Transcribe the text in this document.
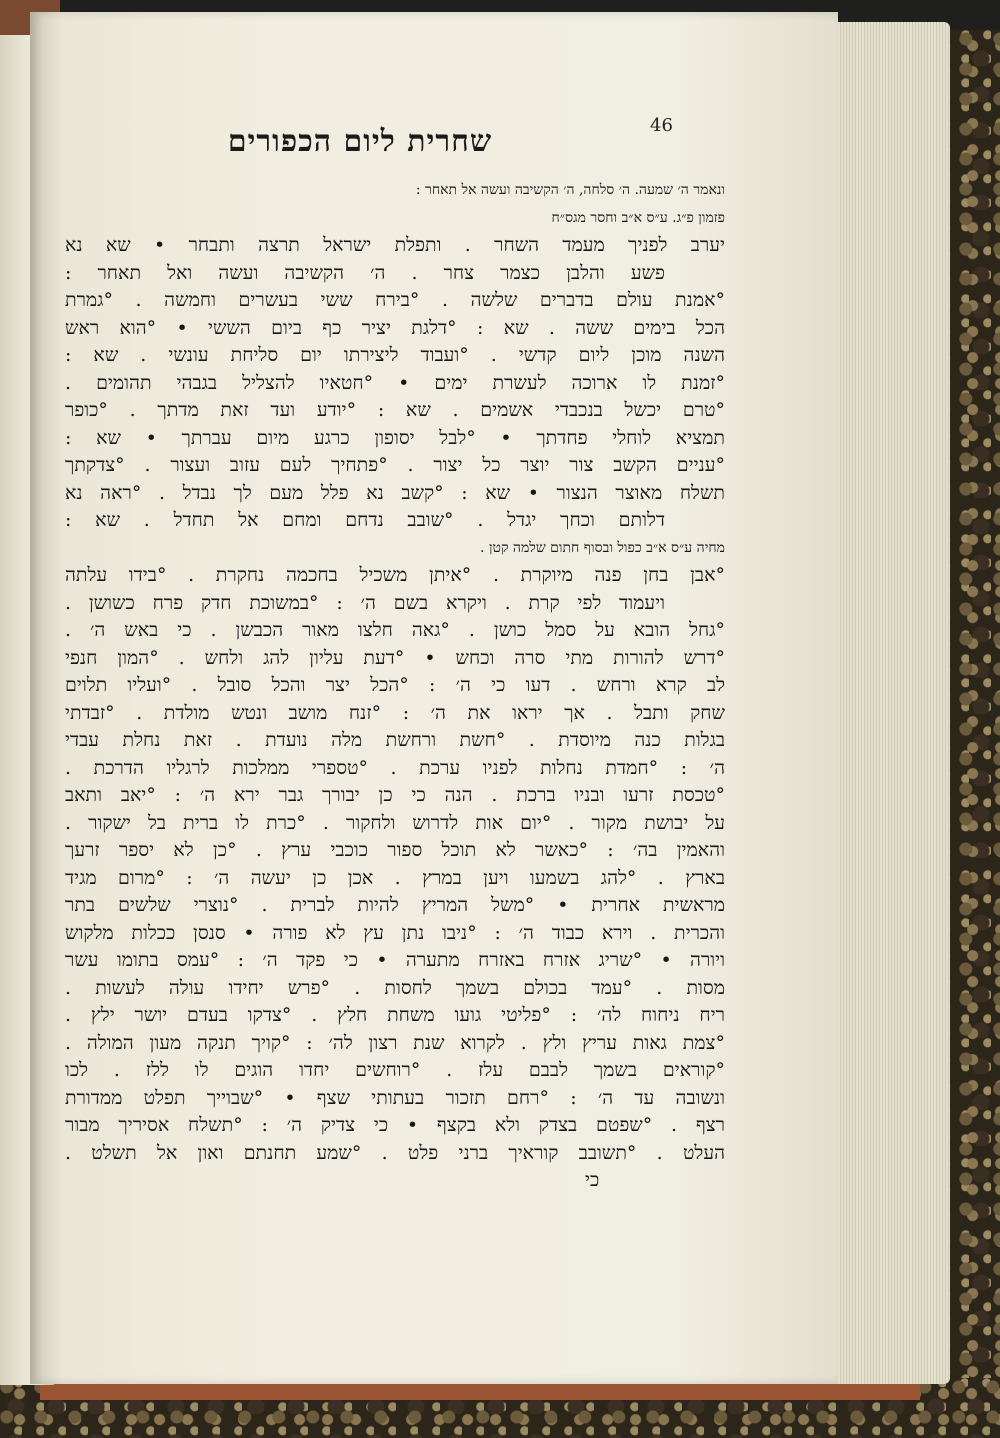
46
שחרית ליום הכפורים
ונאמר ה׳ שמעה. ה׳ סלחה, ה׳ הקשיבה ועשה אל תאחר :
פזמון פ״ג. ע״ס א״ב וחסר מגס״ח
יערב לפניך מעמד השחר . ותפלת ישראל תרצה ותבחר • שא נא
פשע והלבן כצמר צחר . ה׳ הקשיבה ועשה ואל תאחר :
°אמנת עולם בדברים שלשה . °בירח ששי בעשרים וחמשה . °גמרת
הכל בימים ששה . שא : °דלגת יציר כף ביום הששי • °הוא ראש
השנה מוכן ליום קדשי . °ועבוד ליצירתו יום סליחת עונשי . שא :
°זמנת לו ארוכה לעשרת ימים • °חטאיו להצליל בגבהי תהומים .
°טרם יכשל בנכבדי אשמים . שא : °יודע ועד זאת מדתך . °כופר
תמציא לוחלי פחדתך • °לבל יסופון כרגע מיום עברתך • שא :
°עניים הקשב צור יוצר כל יצור . °פתחיך לעם עזוב ועצור . °צדקתך
תשלח מאוצר הנצור • שא : °קשב נא פלל מעם לך נבדל . °ראה נא
דלותם וכחך יגדל . °שובב נדחם ומחם אל תחדל . שא :
מחיה ע״ס א״ב כפול ובסוף חתום שלמה קטן .
°אבן בחן פנה מיוקרת . °איתן משכיל בחכמה נחקרת . °בידו עלתה
ויעמוד לפי קרת . ויקרא בשם ה׳ : °במשוכת חדק פרח כשושן .
°גחל הובא על סמל כושן . °גאה חלצו מאור הכבשן . כי באש ה׳ .
°דרש להורות מתי סרה וכחש • °דעת עליון להג ולחש . °המון חנפי
לב קרא ורחש . דעו כי ה׳ : °הכל יצר והכל סובל . °ועליו תלוים
שחק ותבל . אך יראו את ה׳ : °זנח מושב ונטש מולדת . °זבדתי
בגלות כנה מיוסדת . °חשת ורחשת מלה נועדת . זאת נחלת עבדי
ה׳ : °חמדת נחלות לפניו ערכת . °טספרי ממלכות לרגליו הדרכת .
°טכסת זרעו ובניו ברכת . הנה כי כן יבורך גבר ירא ה׳ : °יאב ותאב
על יבושת מקור . °יום אות לדרוש ולחקור . °כרת לו ברית בל ישקור .
והאמין בה׳ : °כאשר לא תוכל ספור כוכבי ערץ . °כן לא יספר זרעך
בארץ . °להג בשמעו ויען במרץ . אכן כן יעשה ה׳ : °מרום מגיד
מראשית אחרית • °משל המריץ להיות לברית . °נוצרי שלשים בתר
והכרית . וירא כבוד ה׳ : °ניבו נתן עץ לא פורה • סנסן ככלות מלקוש
ויורה • °שריג אזרח באזרח מתערה • כי פקד ה׳ : °עמס בתומו עשר
מסות . °עמד בכולם בשמך לחסות . °פרש יחידו עולה לעשות .
ריח ניחוח לה׳ : °פליטי גועו משחת חלץ . °צדקו בעדם יושר ילץ .
°צמת גאות עריץ ולץ . לקרוא שנת רצון לה׳ : °קויך תנקה מעון המולה .
°קוראים בשמך לבבם עלז . °רוחשים יחדו הוגים לו ללז . לכו
ונשובה עד ה׳ : °רחם תזכור בעתותי שצף • °שבוייך תפלט ממדורת
רצף . °שפטם בצדק ולא בקצף • כי צדיק ה׳ : °תשלח אסיריך מבור
העלט . °תשובב קוראיך ברני פלט . °שמע תחנתם ואון אל תשלט .
כי
